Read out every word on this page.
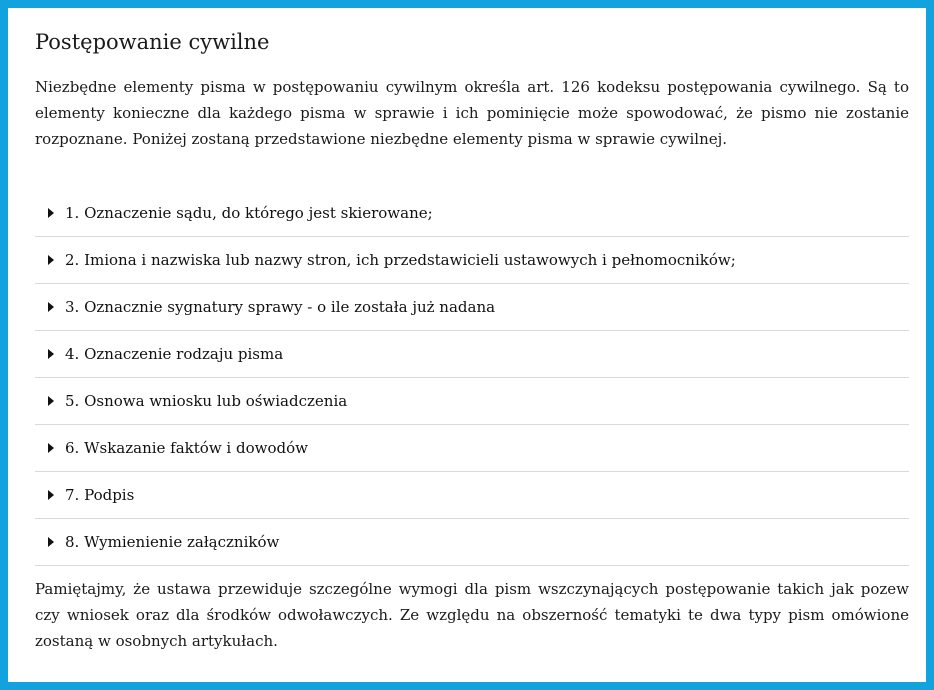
Postępowanie cywilne

Niezbędne elementy pisma w postępowaniu cywilnym określa art. 126 kodeksu postępowania cywilnego. Są to elementy konieczne dla każdego pisma w sprawie i ich pominięcie może spowodować, że pismo nie zostanie rozpoznane. Poniżej zostaną przedstawione niezbędne elementy pisma w sprawie cywilnej.

1. Oznaczenie sądu, do którego jest skierowane;
2. Imiona i nazwiska lub nazwy stron, ich przedstawicieli ustawowych i pełnomocników;
3. Oznacznie sygnatury sprawy - o ile została już nadana
4. Oznaczenie rodzaju pisma
5. Osnowa wniosku lub oświadczenia
6. Wskazanie faktów i dowodów
7. Podpis
8. Wymienienie załączników

Pamiętajmy, że ustawa przewiduje szczególne wymogi dla pism wszczynających postępowanie takich jak pozew czy wniosek oraz dla środków odwoławczych. Ze względu na obszerność tematyki te dwa typy pism omówione zostaną w osobnych artykułach.
